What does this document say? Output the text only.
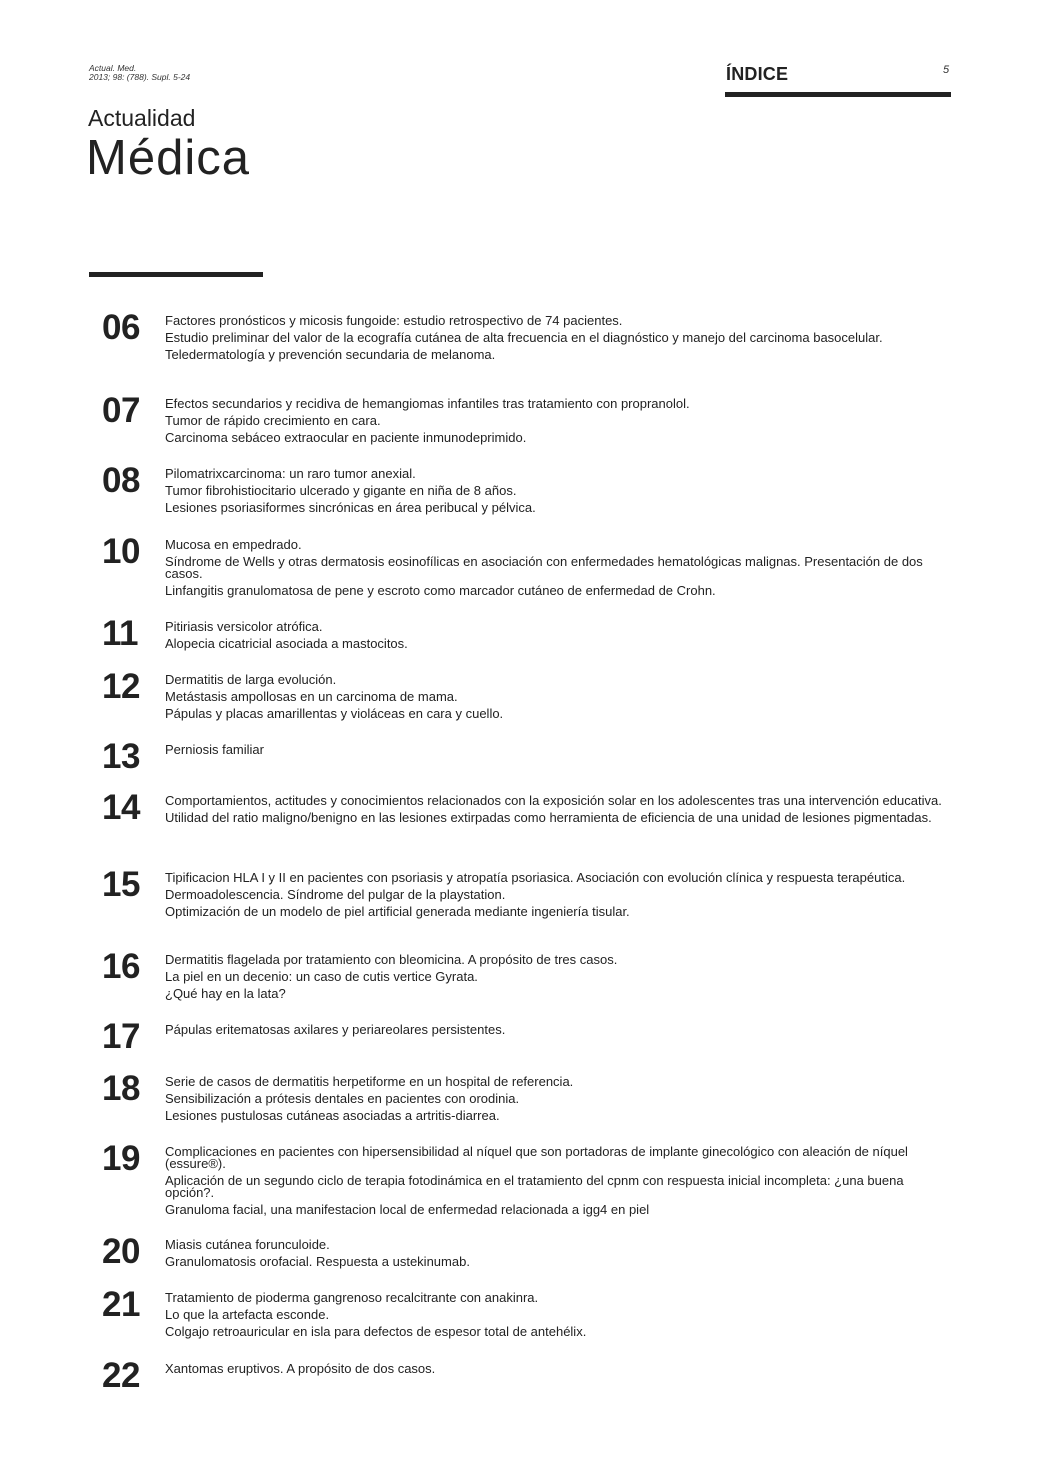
Actual. Med.
2013; 98: (788). Supl. 5-24	ÍNDICE	5
Actualidad
Médica
06	Factores pronósticos y micosis fungoide: estudio retrospectivo de 74 pacientes.
Estudio preliminar del valor de la ecografía cutánea de alta frecuencia en el diagnóstico y manejo del carcinoma basocelular.
Teledermatología y prevención secundaria de melanoma.
07	Efectos secundarios y recidiva de hemangiomas infantiles tras tratamiento con propranolol.
Tumor de rápido crecimiento en cara.
Carcinoma sebáceo extraocular en paciente inmunodeprimido.
08	Pilomatrixcarcinoma: un raro tumor anexial.
Tumor fibrohistiocitario ulcerado y gigante en niña de 8 años.
Lesiones psoriasiformes sincrónicas en área peribucal y pélvica.
10	Mucosa en empedrado.
Síndrome de Wells y otras dermatosis eosinofílicas en asociación con enfermedades hematológicas malignas. Presentación de dos casos.
Linfangitis granulomatosa de pene y escroto como marcador cutáneo de enfermedad de Crohn.
11	Pitiriasis versicolor atrófica.
Alopecia cicatricial asociada a mastocitos.
12	Dermatitis de larga evolución.
Metástasis ampollosas en un carcinoma de mama.
Pápulas y placas amarillentas y violáceas en cara y cuello.
13	Perniosis familiar
14	Comportamientos, actitudes y conocimientos relacionados con la exposición solar en los adolescentes tras una intervención educativa.
Utilidad del ratio maligno/benigno en las lesiones extirpadas como herramienta de eficiencia de una unidad de lesiones pigmentadas.
15	Tipificacion HLA I y II en pacientes con psoriasis y atropatía psoriasica. Asociación con evolución clínica y respuesta terapéutica.
Dermoadolescencia. Síndrome del pulgar de la playstation.
Optimización de un modelo de piel artificial generada mediante ingeniería tisular.
16	Dermatitis flagelada por tratamiento con bleomicina. A propósito de tres casos.
La piel en un decenio: un caso de cutis vertice Gyrata.
¿Qué hay en la lata?
17	Pápulas eritematosas axilares y periareolares persistentes.
18	Serie de casos de dermatitis herpetiforme en un hospital de referencia.
Sensibilización a prótesis dentales en pacientes con orodinia.
Lesiones pustulosas cutáneas asociadas a artritis-diarrea.
19	Complicaciones en pacientes con hipersensibilidad al níquel que son portadoras de implante ginecológico con aleación de níquel (essure®).
Aplicación de un segundo ciclo de terapia fotodinámica en el tratamiento del cpnm con respuesta inicial incompleta: ¿una buena opción?.
Granuloma facial, una manifestacion local de enfermedad relacionada a igg4 en piel
20	Miasis cutánea forunculoide.
Granulomatosis orofacial. Respuesta a ustekinumab.
21	Tratamiento de pioderma gangrenoso recalcitrante con anakinra.
Lo que la artefacta esconde.
Colgajo retroauricular en isla para defectos de espesor total de antehélix.
22	Xantomas eruptivos. A propósito de dos casos.
